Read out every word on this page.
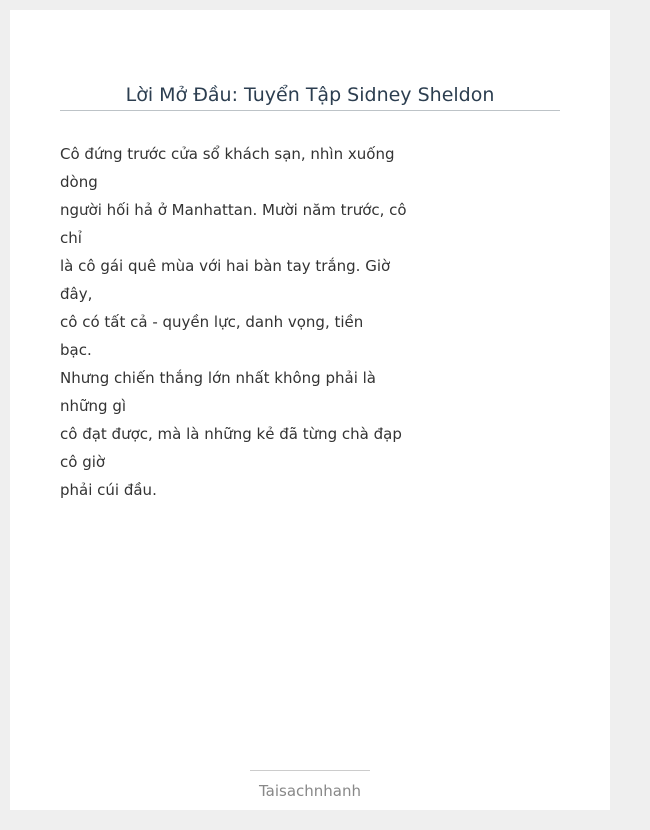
Lời Mở Đầu: Tuyển Tập Sidney Sheldon
Cô đứng trước cửa sổ khách sạn, nhìn xuống
dòng
người hối hả ở Manhattan. Mười năm trước, cô
chỉ
là cô gái quê mùa với hai bàn tay trắng. Giờ
đây,
cô có tất cả - quyền lực, danh vọng, tiền
bạc.
Nhưng chiến thắng lớn nhất không phải là
những gì
cô đạt được, mà là những kẻ đã từng chà đạp
cô giờ
phải cúi đầu.
Taisachnhanh
